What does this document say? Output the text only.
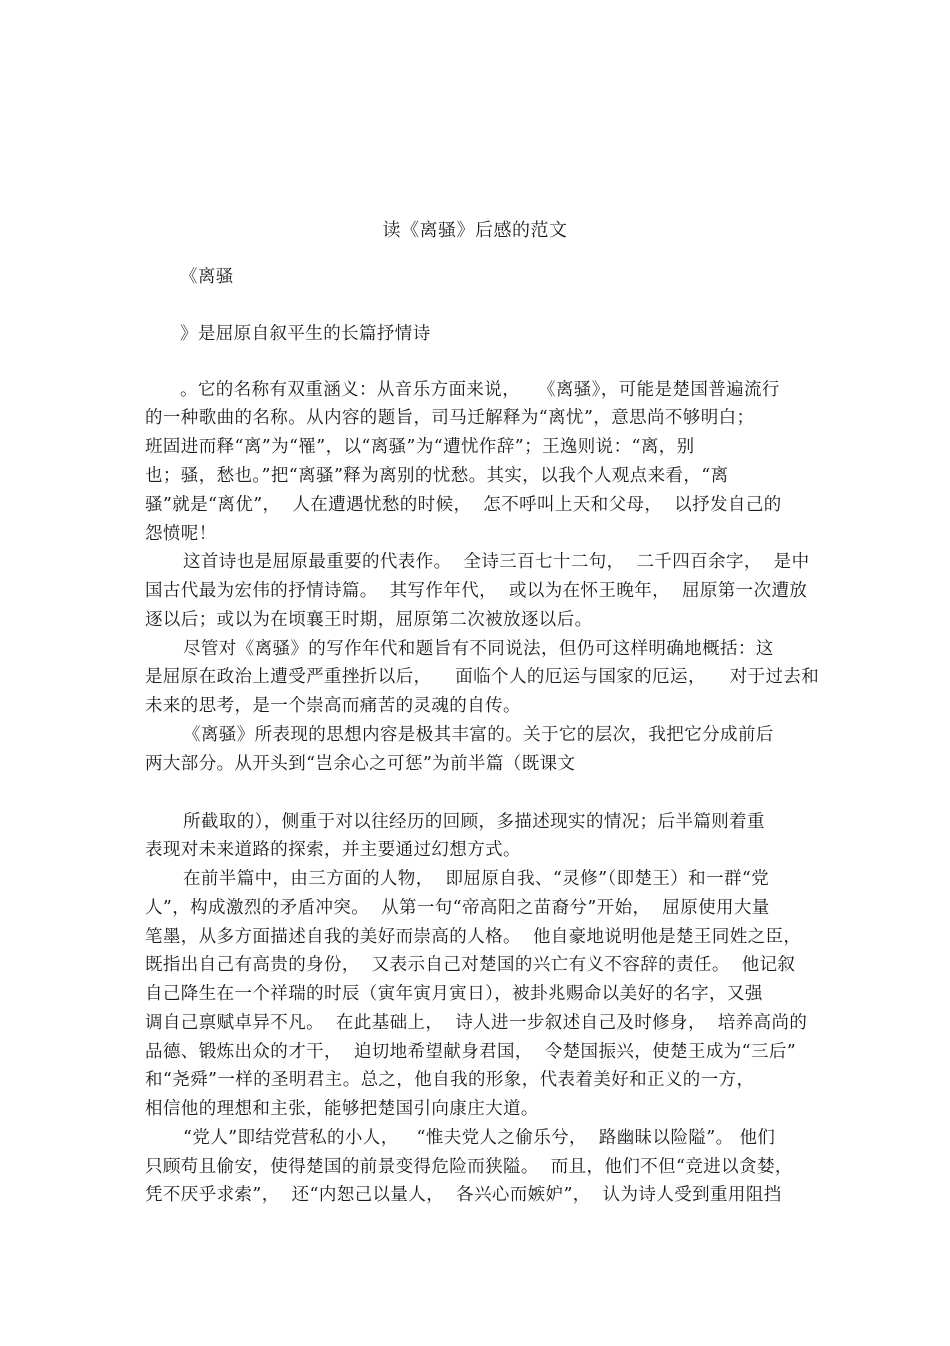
读《离骚》后感的范文
《离骚
》是屈原自叙平生的长篇抒情诗
。它的名称有双重涵义：从音乐方面来说，   《离骚》，可能是楚国普遍流行
的一种歌曲的名称。从内容的题旨，司马迁解释为“离忧”，意思尚不够明白；
班固进而释“离”为“罹”，以“离骚”为“遭忧作辞”；王逸则说：“离，别
也；骚，愁也。”把“离骚”释为离别的忧愁。其实，以我个人观点来看，“离
骚”就是“离优”，  人在遭遇忧愁的时候，  怎不呼叫上天和父母，  以抒发自己的
怨愤呢！
这首诗也是屈原最重要的代表作。  全诗三百七十二句，  二千四百余字，  是中
国古代最为宏伟的抒情诗篇。  其写作年代，  或以为在怀王晚年，  屈原第一次遭放
逐以后；或以为在顷襄王时期，屈原第二次被放逐以后。
尽管对《离骚》的写作年代和题旨有不同说法，但仍可这样明确地概括：这
是屈原在政治上遭受严重挫折以后，    面临个人的厄运与国家的厄运，    对于过去和
未来的思考，是一个崇高而痛苦的灵魂的自传。
《离骚》所表现的思想内容是极其丰富的。关于它的层次，我把它分成前后
两大部分。从开头到“岂余心之可惩”为前半篇（既课文
所截取的），侧重于对以往经历的回顾，多描述现实的情况；后半篇则着重
表现对未来道路的探索，并主要通过幻想方式。
在前半篇中，由三方面的人物，  即屈原自我、“灵修”（即楚王）和一群“党
人”，构成激烈的矛盾冲突。  从第一句“帝高阳之苗裔兮”开始，  屈原使用大量
笔墨，从多方面描述自我的美好而崇高的人格。  他自豪地说明他是楚王同姓之臣，
既指出自己有高贵的身份，  又表示自己对楚国的兴亡有义不容辞的责任。  他记叙
自己降生在一个祥瑞的时辰（寅年寅月寅日），被卦兆赐命以美好的名字，又强
调自己禀赋卓异不凡。  在此基础上，  诗人进一步叙述自己及时修身，  培养高尚的
品德、锻炼出众的才干，  迫切地希望献身君国，  令楚国振兴，使楚王成为“三后”
和“尧舜”一样的圣明君主。总之，他自我的形象，代表着美好和正义的一方，
相信他的理想和主张，能够把楚国引向康庄大道。
“党人”即结党营私的小人，   “惟夫党人之偷乐兮，  路幽昧以险隘”。 他们
只顾苟且偷安，使得楚国的前景变得危险而狭隘。  而且，他们不但“竞进以贪婪，
凭不厌乎求索”，  还“内恕己以量人，  各兴心而嫉妒”，  认为诗人受到重用阻挡
